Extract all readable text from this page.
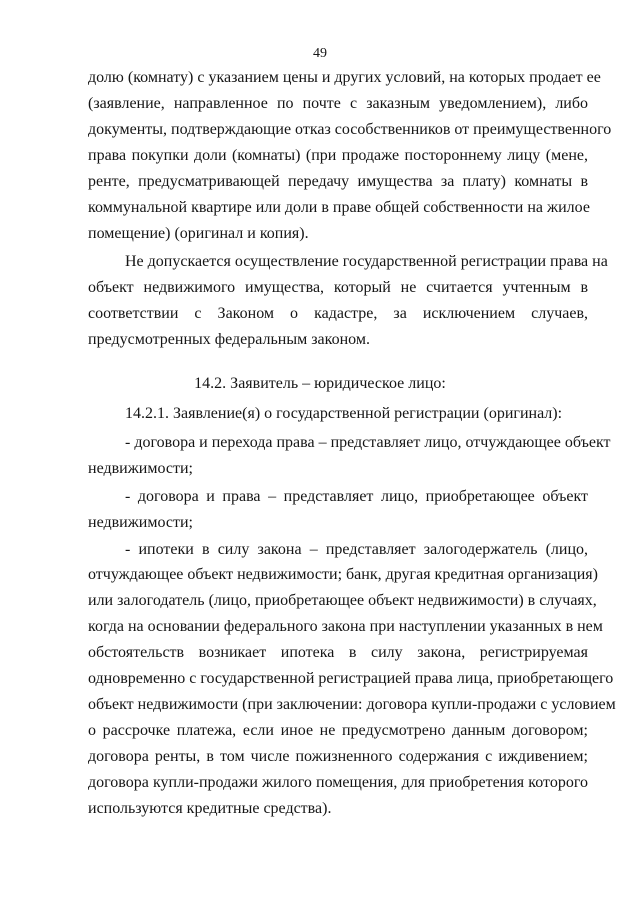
49
долю (комнату) с указанием цены и других условий, на которых продает ее
(заявление, направленное по почте с заказным уведомлением), либо
документы, подтверждающие отказ сособственников от преимущественного
права покупки доли (комнаты) (при продаже постороннему лицу (мене,
ренте, предусматривающей передачу имущества за плату) комнаты в
коммунальной квартире или доли в праве общей собственности на жилое
помещение) (оригинал и копия).
Не допускается осуществление государственной регистрации права на
объект недвижимого имущества, который не считается учтенным в
соответствии с Законом о кадастре, за исключением случаев,
предусмотренных федеральным законом.
14.2. Заявитель – юридическое лицо:
14.2.1. Заявление(я) о государственной регистрации (оригинал):
- договора и перехода права – представляет лицо, отчуждающее объект
недвижимости;
- договора и права – представляет лицо, приобретающее объект
недвижимости;
- ипотеки в силу закона – представляет залогодержатель (лицо,
отчуждающее объект недвижимости; банк, другая кредитная организация)
или залогодатель (лицо, приобретающее объект недвижимости) в случаях,
когда на основании федерального закона при наступлении указанных в нем
обстоятельств возникает ипотека в силу закона, регистрируемая
одновременно с государственной регистрацией права лица, приобретающего
объект недвижимости (при заключении: договора купли-продажи с условием
о рассрочке платежа, если иное не предусмотрено данным договором;
договора ренты, в том числе пожизненного содержания с иждивением;
договора купли-продажи жилого помещения, для приобретения которого
используются кредитные средства).
